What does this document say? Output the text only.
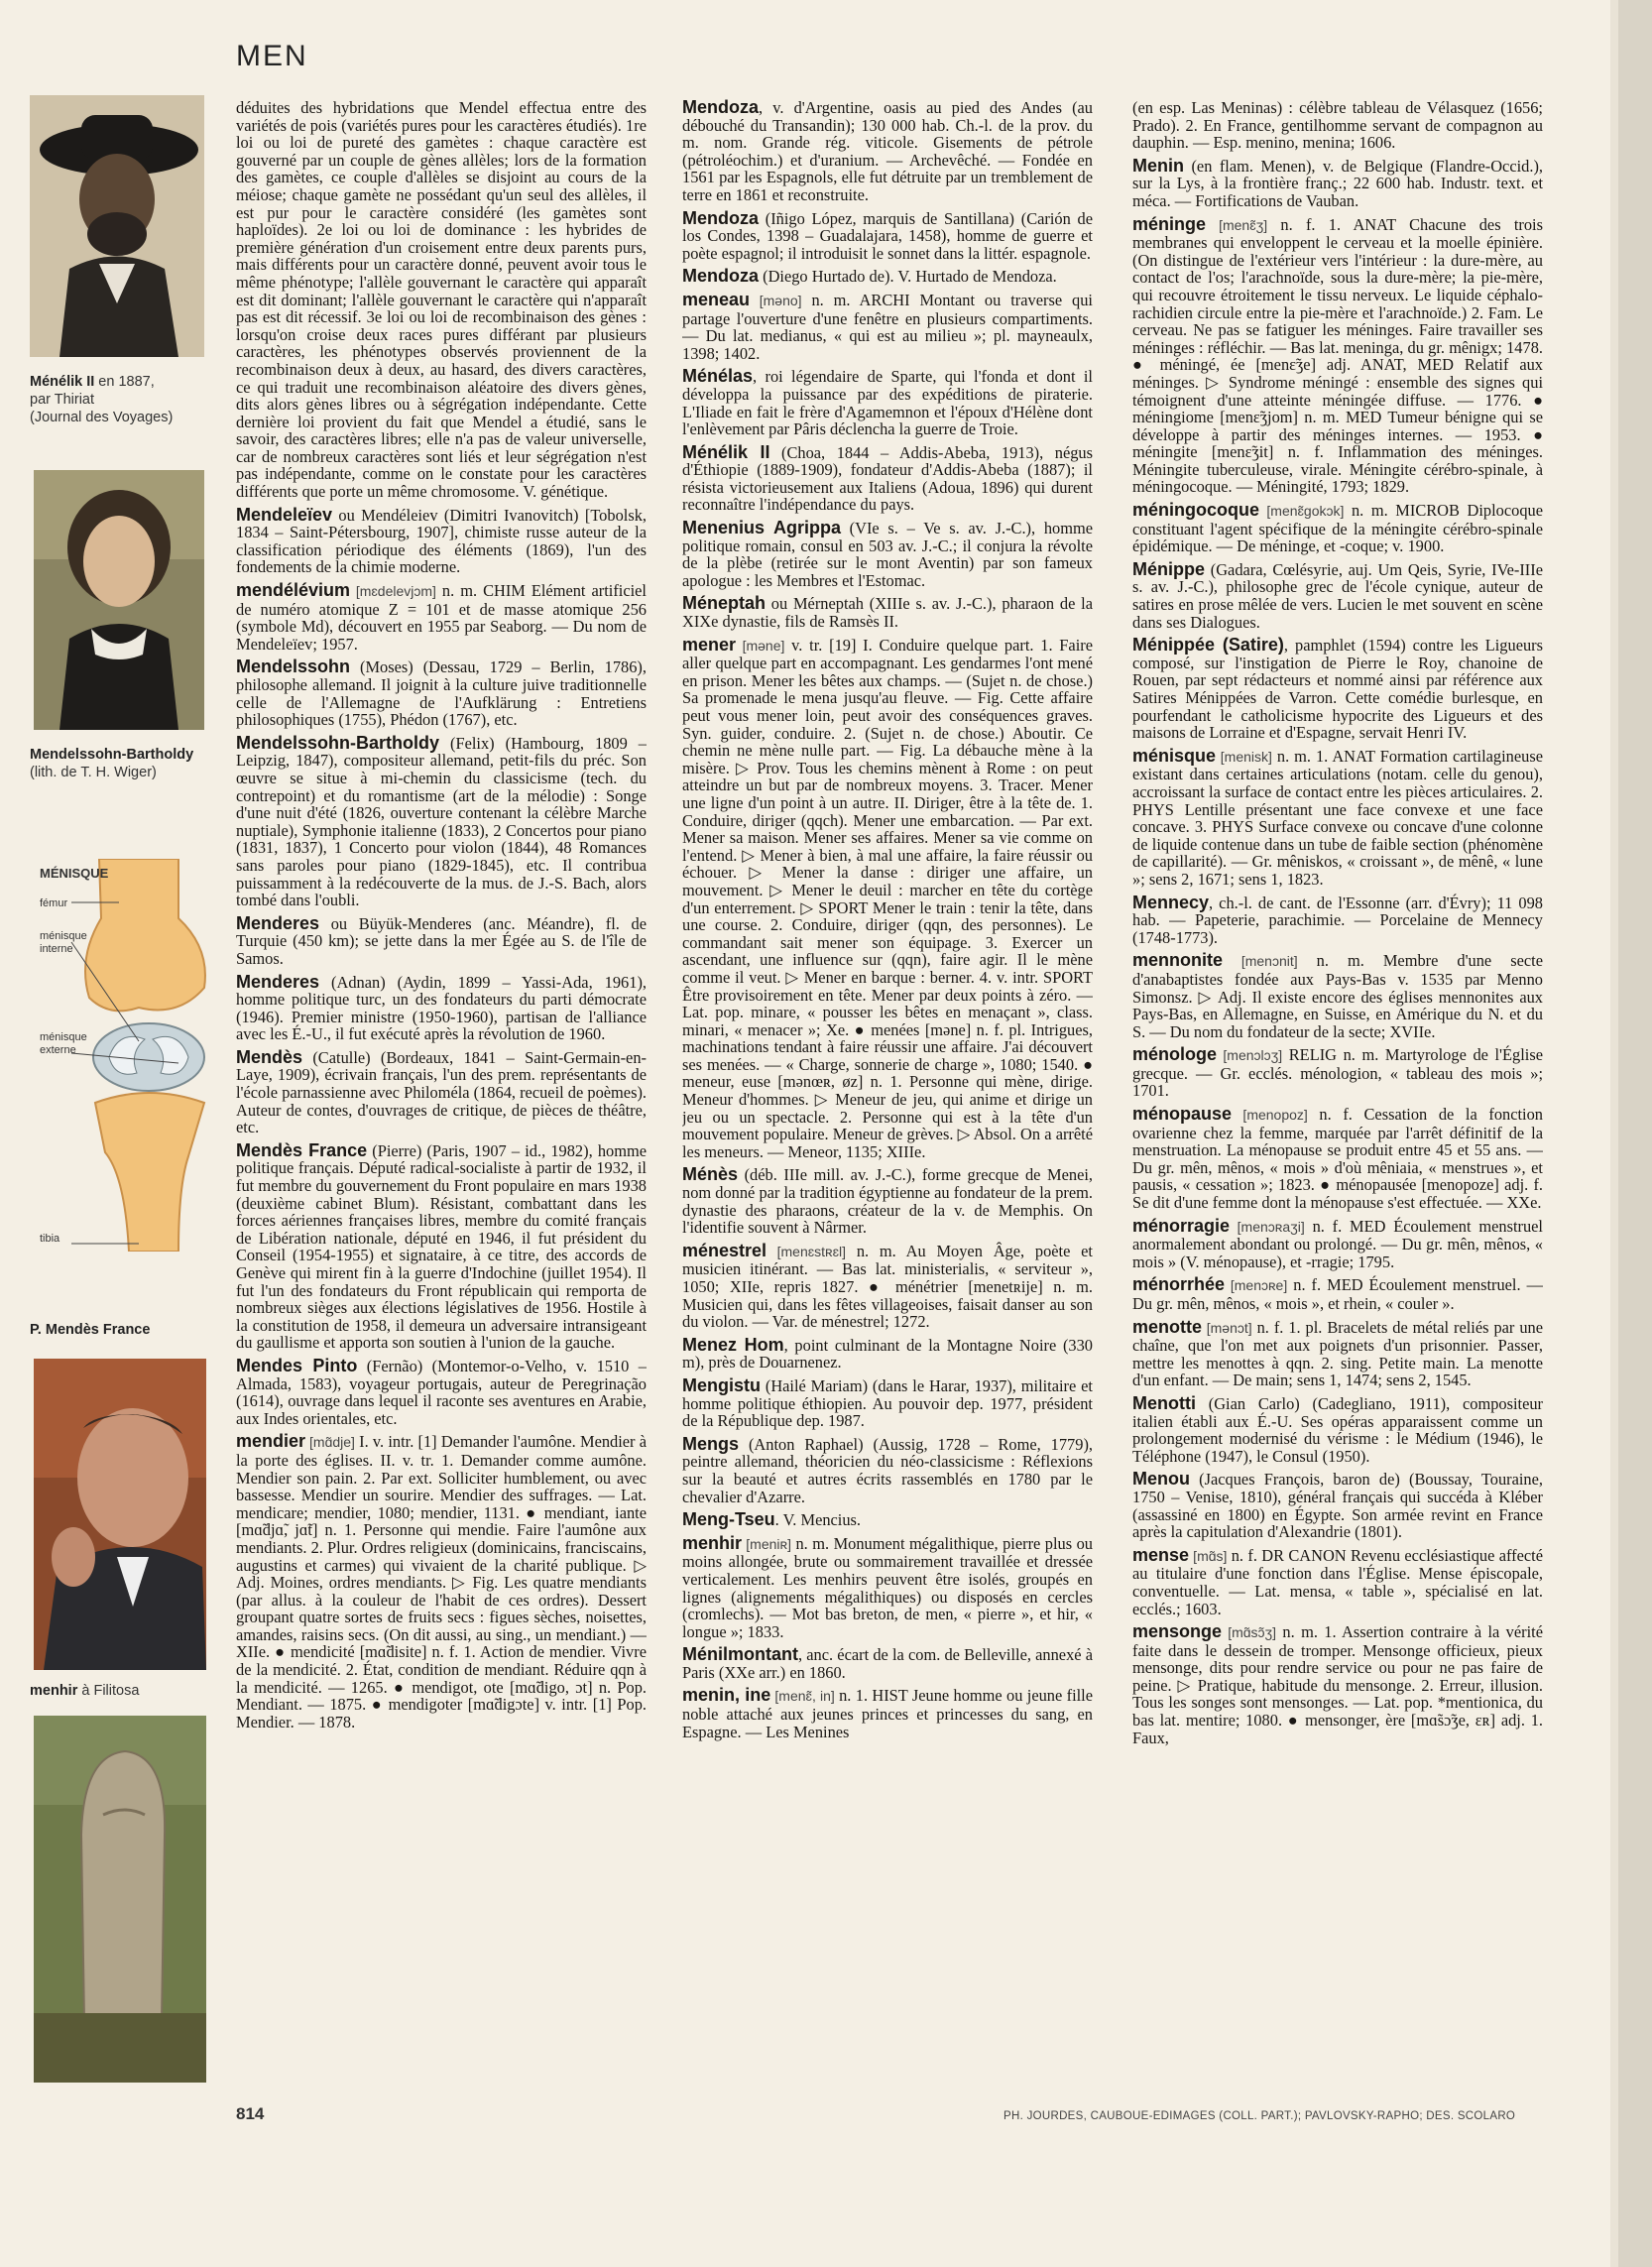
MEN
Ménélik II en 1887,
par Thiriat
(Journal des Voyages)
Mendelssohn-Bartholdy
(lith. de T. H. Wiger)
MÉNISQUE
fémur
ménisque interne
ménisque externe
tibia
P. Mendès France
menhir à Filitosa
déduites des hybridations que Mendel effectua entre des variétés de pois (variétés pures pour les caractères étudiés). 1re loi ou loi de pureté des gamètes : chaque caractère est gouverné par un couple de gènes allèles; lors de la formation des gamètes, ce couple d'allèles se disjoint au cours de la méiose; chaque gamète ne possédant qu'un seul des allèles, il est pur pour le caractère considéré (les gamètes sont haploïdes). 2e loi ou loi de dominance : les hybrides de première génération d'un croisement entre deux parents purs, mais différents pour un caractère donné, peuvent avoir tous le même phénotype; l'allèle gouvernant le caractère qui apparaît est dit dominant; l'allèle gouvernant le caractère qui n'apparaît pas est dit récessif. 3e loi ou loi de recombinaison des gènes : lorsqu'on croise deux races pures différant par plusieurs caractères, les phénotypes observés proviennent de la recombinaison deux à deux, au hasard, des divers caractères, ce qui traduit une recombinaison aléatoire des divers gènes, dits alors gènes libres ou à ségrégation indépendante. Cette dernière loi provient du fait que Mendel a étudié, sans le savoir, des caractères libres; elle n'a pas de valeur universelle, car de nombreux caractères sont liés et leur ségrégation n'est pas indépendante, comme on le constate pour les caractères différents que porte un même chromosome. V. génétique.
Mendeleïev ou Mendéleiev (Dimitri Ivanovitch) [Tobolsk, 1834 – Saint-Pétersbourg, 1907], chimiste russe auteur de la classification périodique des éléments (1869), l'un des fondements de la chimie moderne.
mendélévium [mɛdelevjɔm] n. m. CHIM Elément artificiel de numéro atomique Z = 101 et de masse atomique 256 (symbole Md), découvert en 1955 par Seaborg. — Du nom de Mendeleïev; 1957.
Mendelssohn (Moses) (Dessau, 1729 – Berlin, 1786), philosophe allemand. Il joignit à la culture juive traditionnelle celle de l'Allemagne de l'Aufklärung : Entretiens philosophiques (1755), Phédon (1767), etc.
Mendelssohn-Bartholdy (Felix) (Hambourg, 1809 – Leipzig, 1847), compositeur allemand, petit-fils du préc. Son œuvre se situe à mi-chemin du classicisme (tech. du contrepoint) et du romantisme (art de la mélodie) : Songe d'une nuit d'été (1826, ouverture contenant la célèbre Marche nuptiale), Symphonie italienne (1833), 2 Concertos pour piano (1831, 1837), 1 Concerto pour violon (1844), 48 Romances sans paroles pour piano (1829-1845), etc. Il contribua puissamment à la redécouverte de la mus. de J.-S. Bach, alors tombé dans l'oubli.
Menderes ou Büyük-Menderes (anc. Méandre), fl. de Turquie (450 km); se jette dans la mer Égée au S. de l'île de Samos.
Menderes (Adnan) (Aydin, 1899 – Yassi-Ada, 1961), homme politique turc, un des fondateurs du parti démocrate (1946). Premier ministre (1950-1960), partisan de l'alliance avec les É.-U., il fut exécuté après la révolution de 1960.
Mendès (Catulle) (Bordeaux, 1841 – Saint-Germain-en-Laye, 1909), écrivain français, l'un des prem. représentants de l'école parnassienne avec Philoméla (1864, recueil de poèmes). Auteur de contes, d'ouvrages de critique, de pièces de théâtre, etc.
Mendès France (Pierre) (Paris, 1907 – id., 1982), homme politique français. Député radical-socialiste à partir de 1932, il fut membre du gouvernement du Front populaire en mars 1938 (deuxième cabinet Blum). Résistant, combattant dans les forces aériennes françaises libres, membre du comité français de Libération nationale, député en 1946, il fut président du Conseil (1954-1955) et signataire, à ce titre, des accords de Genève qui mirent fin à la guerre d'Indochine (juillet 1954). Il fut l'un des fondateurs du Front républicain qui remporta de nombreux sièges aux élections législatives de 1956. Hostile à la constitution de 1958, il demeura un adversaire intransigeant du gaullisme et apporta son soutien à l'union de la gauche.
Mendes Pinto (Fernão) (Montemor-o-Velho, v. 1510 – Almada, 1583), voyageur portugais, auteur de Peregrinação (1614), ouvrage dans lequel il raconte ses aventures en Arabie, aux Indes orientales, etc.
mendier [mɑ̃dje] I. v. intr. [1] Demander l'aumône. Mendier à la porte des églises. II. v. tr. 1. Demander comme aumône. Mendier son pain. 2. Par ext. Solliciter humblement, ou avec bassesse. Mendier un sourire. Mendier des suffrages. — Lat. mendicare; mendier, 1080; mendier, 1131. ● mendiant, iante [mɑ̃djɑ̃, jɑ̃t] n. 1. Personne qui mendie. Faire l'aumône aux mendiants. 2. Plur. Ordres religieux (dominicains, franciscains, augustins et carmes) qui vivaient de la charité publique. ▷ Adj. Moines, ordres mendiants. ▷ Fig. Les quatre mendiants (par allus. à la couleur de l'habit de ces ordres). Dessert groupant quatre sortes de fruits secs : figues sèches, noisettes, amandes, raisins secs. (On dit aussi, au sing., un mendiant.) — XIIe. ● mendicité [mɑ̃disite] n. f. 1. Action de mendier. Vivre de la mendicité. 2. État, condition de mendiant. Réduire qqn à la mendicité. — 1265. ● mendigot, ote [mɑ̃digo, ɔt] n. Pop. Mendiant. — 1875. ● mendigoter [mɑ̃digɔte] v. intr. [1] Pop. Mendier. — 1878.
Mendoza, v. d'Argentine, oasis au pied des Andes (au débouché du Transandin); 130 000 hab. Ch.-l. de la prov. du m. nom. Grande rég. viticole. Gisements de pétrole (pétroléochim.) et d'uranium. — Archevêché. — Fondée en 1561 par les Espagnols, elle fut détruite par un tremblement de terre en 1861 et reconstruite.
Mendoza (Iñigo López, marquis de Santillana) (Carión de los Condes, 1398 – Guadalajara, 1458), homme de guerre et poète espagnol; il introduisit le sonnet dans la littér. espagnole.
Mendoza (Diego Hurtado de). V. Hurtado de Mendoza.
meneau [məno] n. m. ARCHI Montant ou traverse qui partage l'ouverture d'une fenêtre en plusieurs compartiments. — Du lat. medianus, « qui est au milieu »; pl. mayneaulx, 1398; 1402.
Ménélas, roi légendaire de Sparte, qui l'fonda et dont il développa la puissance par des expéditions de piraterie. L'Iliade en fait le frère d'Agamemnon et l'époux d'Hélène dont l'enlèvement par Pâris déclencha la guerre de Troie.
Ménélik II (Choa, 1844 – Addis-Abeba, 1913), négus d'Éthiopie (1889-1909), fondateur d'Addis-Abeba (1887); il résista victorieusement aux Italiens (Adoua, 1896) qui durent reconnaître l'indépendance du pays.
Menenius Agrippa (VIe s. – Ve s. av. J.-C.), homme politique romain, consul en 503 av. J.-C.; il conjura la révolte de la plèbe (retirée sur le mont Aventin) par son fameux apologue : les Membres et l'Estomac.
Méneptah ou Mérneptah (XIIIe s. av. J.-C.), pharaon de la XIXe dynastie, fils de Ramsès II.
mener [məne] v. tr. [19] I. Conduire quelque part. 1. Faire aller quelque part en accompagnant. Les gendarmes l'ont mené en prison. Mener les bêtes aux champs. — (Sujet n. de chose.) Sa promenade le mena jusqu'au fleuve. — Fig. Cette affaire peut vous mener loin, peut avoir des conséquences graves. Syn. guider, conduire. 2. (Sujet n. de chose.) Aboutir. Ce chemin ne mène nulle part. — Fig. La débauche mène à la misère. ▷ Prov. Tous les chemins mènent à Rome : on peut atteindre un but par de nombreux moyens. 3. Tracer. Mener une ligne d'un point à un autre. II. Diriger, être à la tête de. 1. Conduire, diriger (qqch). Mener une embarcation. — Par ext. Mener sa maison. Mener ses affaires. Mener sa vie comme on l'entend. ▷ Mener à bien, à mal une affaire, la faire réussir ou échouer. ▷ Mener la danse : diriger une affaire, un mouvement. ▷ Mener le deuil : marcher en tête du cortège d'un enterrement. ▷ SPORT Mener le train : tenir la tête, dans une course. 2. Conduire, diriger (qqn, des personnes). Le commandant sait mener son équipage. 3. Exercer un ascendant, une influence sur (qqn), faire agir. Il le mène comme il veut. ▷ Mener en barque : berner. 4. v. intr. SPORT Être provisoirement en tête. Mener par deux points à zéro. — Lat. pop. minare, « pousser les bêtes en menaçant », class. minari, « menacer »; Xe. ● menées [məne] n. f. pl. Intrigues, machinations tendant à faire réussir une affaire. J'ai découvert ses menées. — « Charge, sonnerie de charge », 1080; 1540. ● meneur, euse [mənœʀ, øz] n. 1. Personne qui mène, dirige. Meneur d'hommes. ▷ Meneur de jeu, qui anime et dirige un jeu ou un spectacle. 2. Personne qui est à la tête d'un mouvement populaire. Meneur de grèves. ▷ Absol. On a arrêté les meneurs. — Meneor, 1135; XIIIe.
Ménès (déb. IIIe mill. av. J.-C.), forme grecque de Menei, nom donné par la tradition égyptienne au fondateur de la prem. dynastie des pharaons, créateur de la v. de Memphis. On l'identifie souvent à Nârmer.
ménestrel [menɛstʀɛl] n. m. Au Moyen Âge, poète et musicien itinérant. — Bas lat. ministerialis, « serviteur », 1050; XIIe, repris 1827. ● ménétrier [menetʀije] n. m. Musicien qui, dans les fêtes villageoises, faisait danser au son du violon. — Var. de ménestrel; 1272.
Menez Hom, point culminant de la Montagne Noire (330 m), près de Douarnenez.
Mengistu (Hailé Mariam) (dans le Harar, 1937), militaire et homme politique éthiopien. Au pouvoir dep. 1977, président de la République dep. 1987.
Mengs (Anton Raphael) (Aussig, 1728 – Rome, 1779), peintre allemand, théoricien du néo-classicisme : Réflexions sur la beauté et autres écrits rassemblés en 1780 par le chevalier d'Azarre.
Meng-Tseu. V. Mencius.
menhir [meniʀ] n. m. Monument mégalithique, pierre plus ou moins allongée, brute ou sommairement travaillée et dressée verticalement. Les menhirs peuvent être isolés, groupés en lignes (alignements mégalithiques) ou disposés en cercles (cromlechs). — Mot bas breton, de men, « pierre », et hir, « longue »; 1833.
Ménilmontant, anc. écart de la com. de Belleville, annexé à Paris (XXe arr.) en 1860.
menin, ine [menɛ̃, in] n. 1. HIST Jeune homme ou jeune fille noble attaché aux jeunes princes et princesses du sang, en Espagne. — Les Menines
(en esp. Las Meninas) : célèbre tableau de Vélasquez (1656; Prado). 2. En France, gentilhomme servant de compagnon au dauphin. — Esp. menino, menina; 1606.
Menin (en flam. Menen), v. de Belgique (Flandre-Occid.), sur la Lys, à la frontière franç.; 22 600 hab. Industr. text. et méca. — Fortifications de Vauban.
méninge [menɛ̃ʒ] n. f. 1. ANAT Chacune des trois membranes qui enveloppent le cerveau et la moelle épinière. (On distingue de l'extérieur vers l'intérieur : la dure-mère, au contact de l'os; l'arachnoïde, sous la dure-mère; la pie-mère, qui recouvre étroitement le tissu nerveux. Le liquide céphalo-rachidien circule entre la pie-mère et l'arachnoïde.) 2. Fam. Le cerveau. Ne pas se fatiguer les méninges. Faire travailler ses méninges : réfléchir. — Bas lat. meninga, du gr. mênigx; 1478. ● méningé, ée [menɛ̃ʒe] adj. ANAT, MED Relatif aux méninges. ▷ Syndrome méningé : ensemble des signes qui témoignent d'une atteinte méningée diffuse. — 1776. ● méningiome [menɛ̃ʒjom] n. m. MED Tumeur bénigne qui se développe à partir des méninges internes. — 1953. ● méningite [menɛ̃ʒit] n. f. Inflammation des méninges. Méningite tuberculeuse, virale. Méningite cérébro-spinale, à méningocoque. — Méningité, 1793; 1829.
méningocoque [menɛ̃gokɔk] n. m. MICROB Diplocoque constituant l'agent spécifique de la méningite cérébro-spinale épidémique. — De méninge, et -coque; v. 1900.
Ménippe (Gadara, Cœlésyrie, auj. Um Qeis, Syrie, IVe-IIIe s. av. J.-C.), philosophe grec de l'école cynique, auteur de satires en prose mêlée de vers. Lucien le met souvent en scène dans ses Dialogues.
Ménippée (Satire), pamphlet (1594) contre les Ligueurs composé, sur l'instigation de Pierre le Roy, chanoine de Rouen, par sept rédacteurs et nommé ainsi par référence aux Satires Ménippées de Varron. Cette comédie burlesque, en pourfendant le catholicisme hypocrite des Ligueurs et des maisons de Lorraine et d'Espagne, servait Henri IV.
ménisque [menisk] n. m. 1. ANAT Formation cartilagineuse existant dans certaines articulations (notam. celle du genou), accroissant la surface de contact entre les pièces articulaires. 2. PHYS Lentille présentant une face convexe et une face concave. 3. PHYS Surface convexe ou concave d'une colonne de liquide contenue dans un tube de faible section (phénomène de capillarité). — Gr. mêniskos, « croissant », de mênê, « lune »; sens 2, 1671; sens 1, 1823.
Mennecy, ch.-l. de cant. de l'Essonne (arr. d'Évry); 11 098 hab. — Papeterie, parachimie. — Porcelaine de Mennecy (1748-1773).
mennonite [menɔnit] n. m. Membre d'une secte d'anabaptistes fondée aux Pays-Bas v. 1535 par Menno Simonsz. ▷ Adj. Il existe encore des églises mennonites aux Pays-Bas, en Allemagne, en Suisse, en Amérique du N. et du S. — Du nom du fondateur de la secte; XVIIe.
ménologe [menɔlɔʒ] RELIG n. m. Martyrologe de l'Église grecque. — Gr. ecclés. ménologion, « tableau des mois »; 1701.
ménopause [menopoz] n. f. Cessation de la fonction ovarienne chez la femme, marquée par l'arrêt définitif de la menstruation. La ménopause se produit entre 45 et 55 ans. — Du gr. mên, mênos, « mois » d'où mêniaia, « menstrues », et pausis, « cessation »; 1823. ● ménopausée [menopoze] adj. f. Se dit d'une femme dont la ménopause s'est effectuée. — XXe.
ménorragie [menɔʀaʒi] n. f. MED Écoulement menstruel anormalement abondant ou prolongé. — Du gr. mên, mênos, « mois » (V. ménopause), et -rragie; 1795.
ménorrhée [menɔʀe] n. f. MED Écoulement menstruel. — Du gr. mên, mênos, « mois », et rhein, « couler ».
menotte [mənɔt] n. f. 1. pl. Bracelets de métal reliés par une chaîne, que l'on met aux poignets d'un prisonnier. Passer, mettre les menottes à qqn. 2. sing. Petite main. La menotte d'un enfant. — De main; sens 1, 1474; sens 2, 1545.
Menotti (Gian Carlo) (Cadegliano, 1911), compositeur italien établi aux É.-U. Ses opéras apparaissent comme un prolongement modernisé du vérisme : le Médium (1946), le Téléphone (1947), le Consul (1950).
Menou (Jacques François, baron de) (Boussay, Touraine, 1750 – Venise, 1810), général français qui succéda à Kléber (assassiné en 1800) en Égypte. Son armée revint en France après la capitulation d'Alexandrie (1801).
mense [mɑ̃s] n. f. DR CANON Revenu ecclésiastique affecté au titulaire d'une fonction dans l'Église. Mense épiscopale, conventuelle. — Lat. mensa, « table », spécialisé en lat. ecclés.; 1603.
mensonge [mɑ̃sɔ̃ʒ] n. m. 1. Assertion contraire à la vérité faite dans le dessein de tromper. Mensonge officieux, pieux mensonge, dits pour rendre service ou pour ne pas faire de peine. ▷ Pratique, habitude du mensonge. 2. Erreur, illusion. Tous les songes sont mensonges. — Lat. pop. *mentionica, du bas lat. mentire; 1080. ● mensonger, ère [mɑ̃sɔ̃ʒe, ɛʀ] adj. 1. Faux,
814	PH. JOURDES, CAUBOUE-EDIMAGES (COLL. PART.); PAVLOVSKY-RAPHO; DES. SCOLARO
